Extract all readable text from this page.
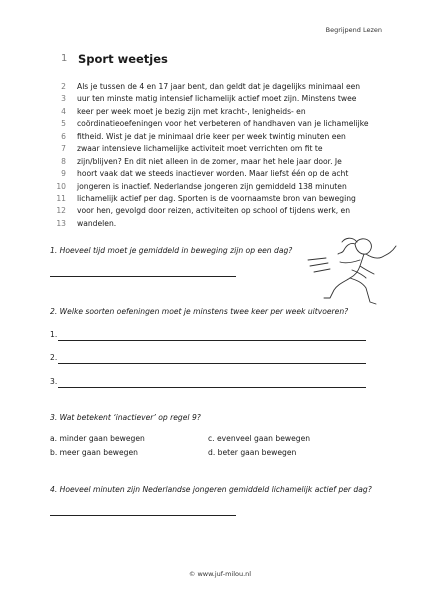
Begrijpend Lezen
1 Sport weetjes
2 Als je tussen de 4 en 17 jaar bent, dan geldt dat je dagelijks minimaal een
3 uur ten minste matig intensief lichamelijk actief moet zijn. Minstens twee
4 keer per week moet je bezig zijn met kracht-, lenigheids- en
5 coördinatieoefeningen voor het verbeteren of handhaven van je lichamelijke
6 fitheid. Wist je dat je minimaal drie keer per week twintig minuten een
7 zwaar intensieve lichamelijke activiteit moet verrichten om fit te
8 zijn/blijven? En dit niet alleen in de zomer, maar het hele jaar door. Je
9 hoort vaak dat we steeds inactiever worden. Maar liefst één op de acht
10 jongeren is inactief. Nederlandse jongeren zijn gemiddeld 138 minuten
11 lichamelijk actief per dag. Sporten is de voornaamste bron van beweging
12 voor hen, gevolgd door reizen, activiteiten op school of tijdens werk, en
13 wandelen.
1. Hoeveel tijd moet je gemiddeld in beweging zijn op een dag?
2. Welke soorten oefeningen moet je minstens twee keer per week uitvoeren?
1.
2.
3.
3. Wat betekent ‘inactiever’ op regel 9?
a. minder gaan bewegen	c. evenveel gaan bewegen
b. meer gaan bewegen	d. beter gaan bewegen
4. Hoeveel minuten zijn Nederlandse jongeren gemiddeld lichamelijk actief per dag?
© www.juf-milou.nl
